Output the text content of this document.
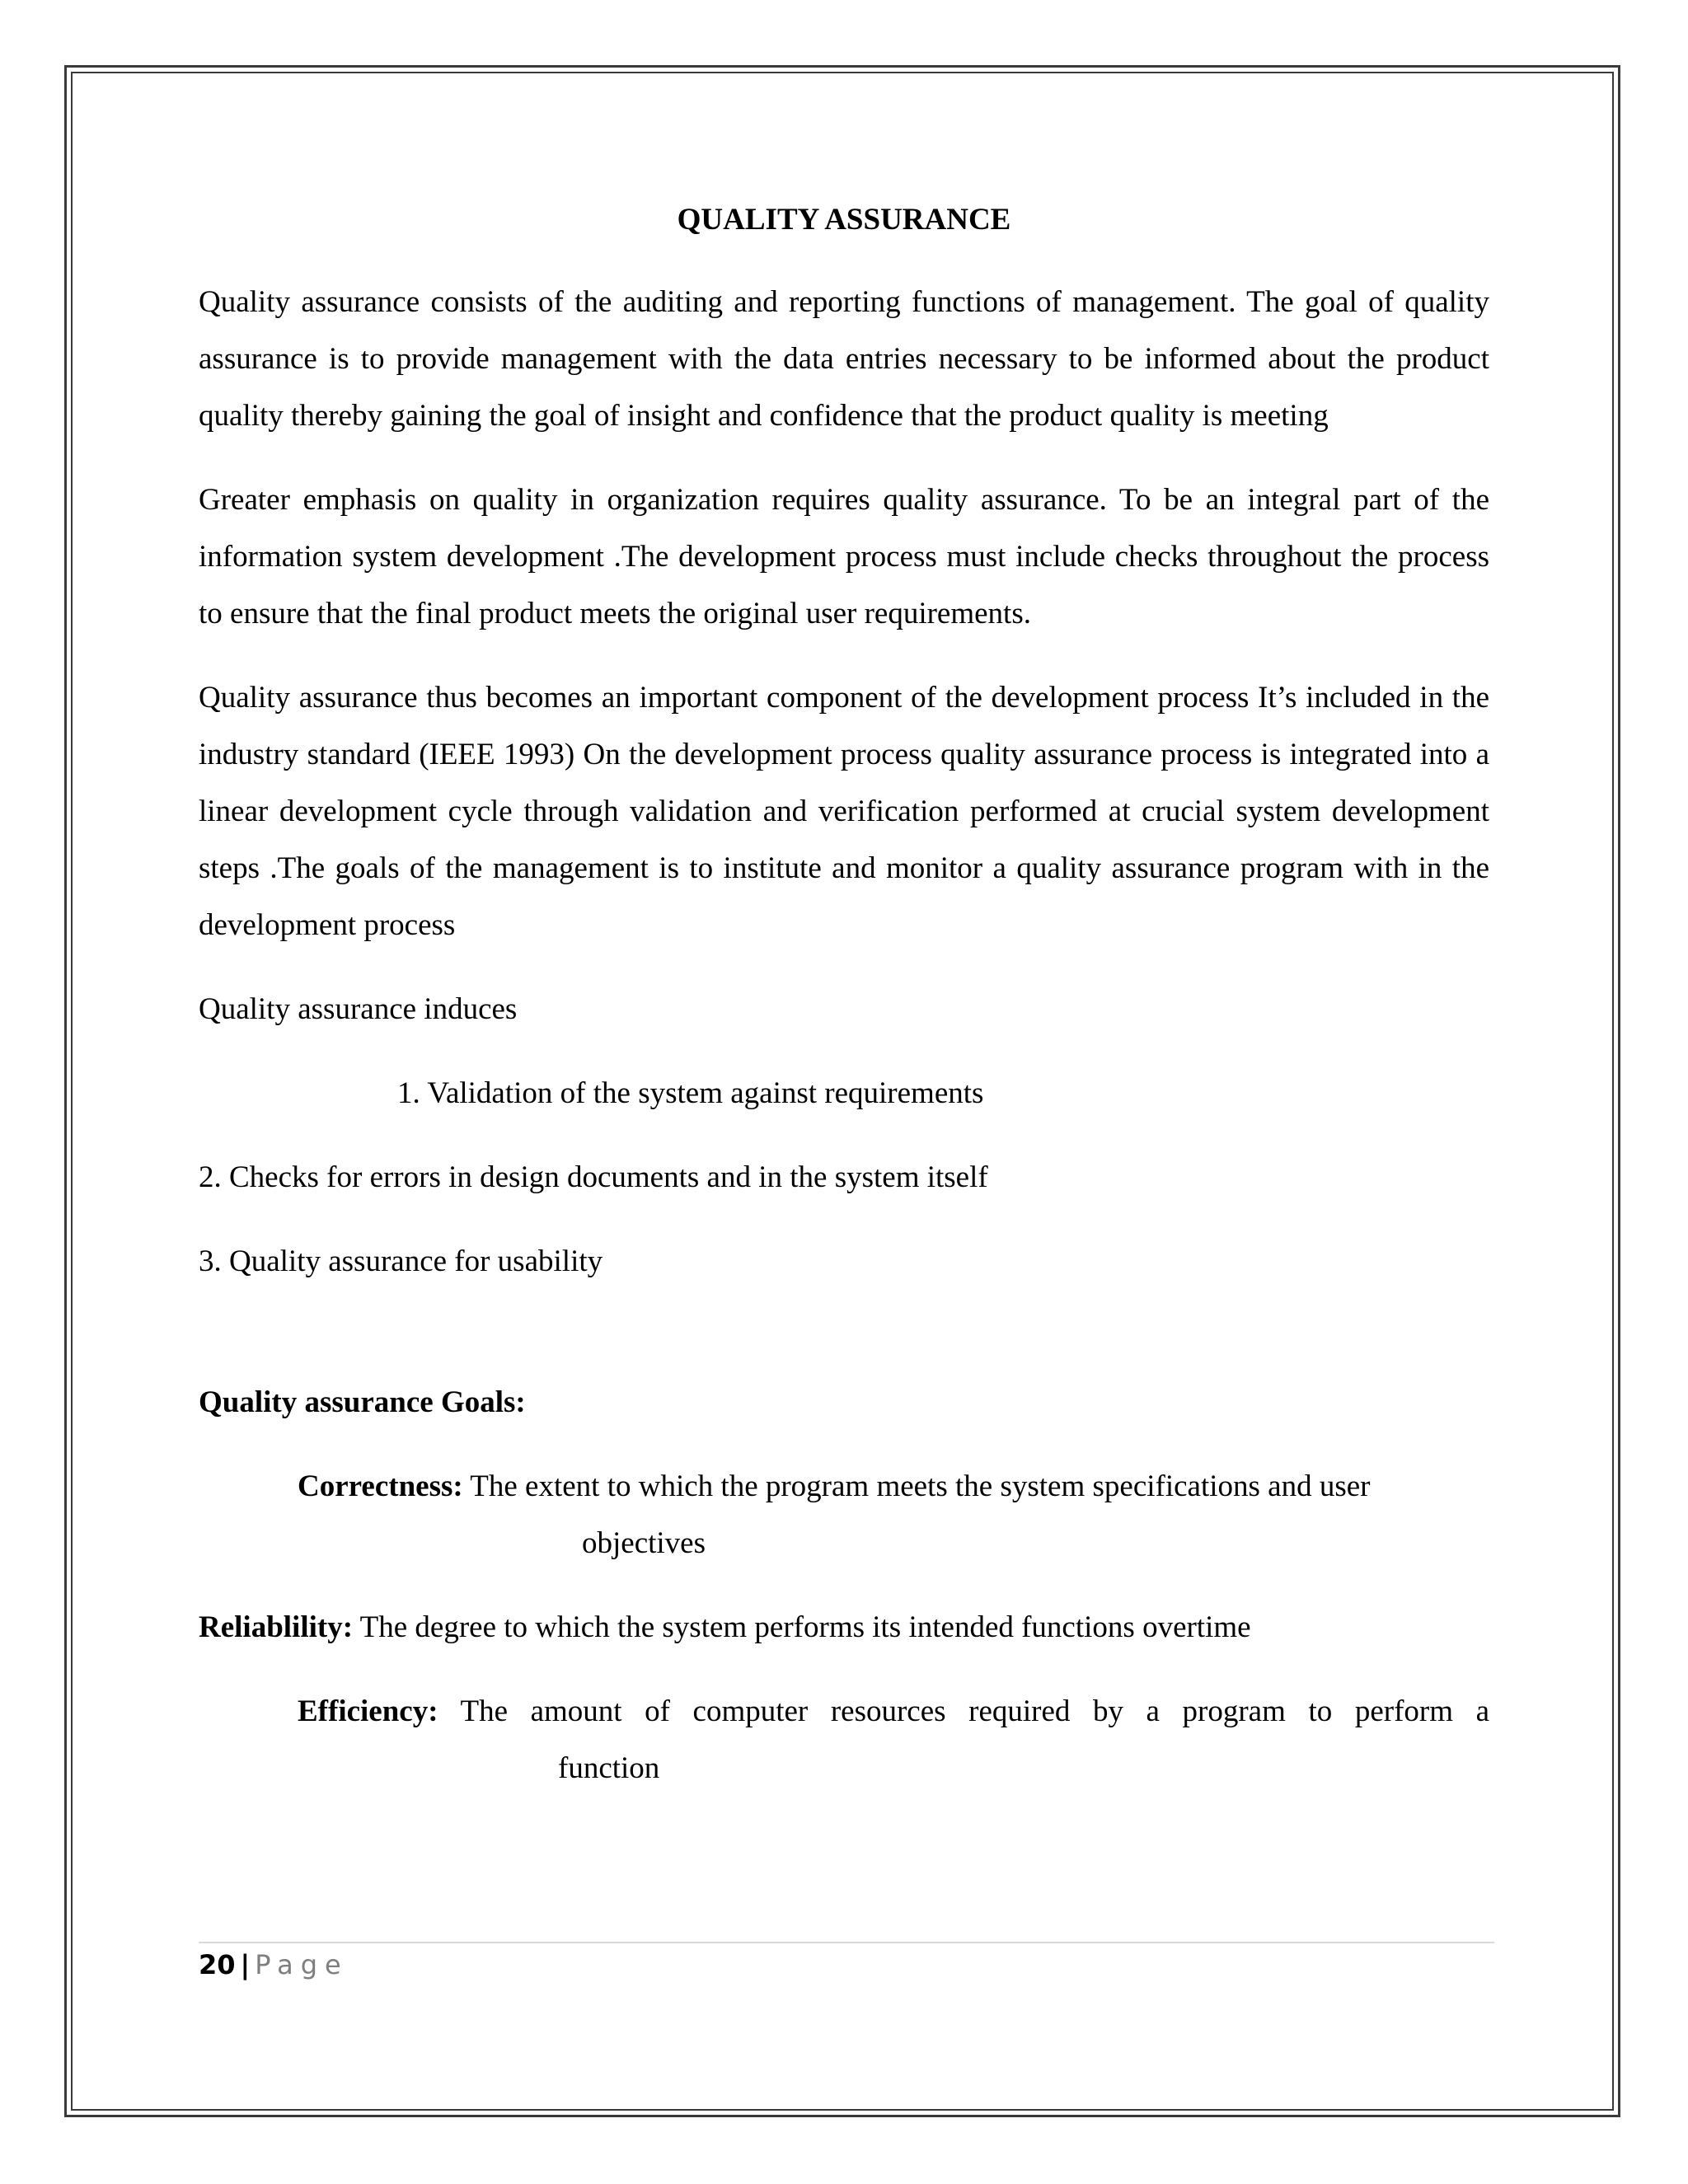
QUALITY ASSURANCE
Quality assurance consists of the auditing and reporting functions of management. The goal of quality assurance is to provide management with the data entries necessary to be informed about the product quality thereby gaining the goal of insight and confidence that the product quality is meeting
Greater emphasis on quality in organization requires quality assurance. To be an integral part of the information system development .The development process must include checks throughout the process to ensure that the final product meets the original user requirements.
Quality assurance thus becomes an important component of the development process It’s included in the industry standard (IEEE 1993) On the development process quality assurance process is integrated into a linear development cycle through validation and verification performed at crucial system development steps .The goals of the management is to institute and monitor a quality assurance program with in the development process
Quality assurance induces
1. Validation of the system against requirements
2. Checks for errors in design documents and in the system itself
3. Quality assurance for usability
Quality assurance Goals:
Correctness: The extent to which the program meets the system specifications and user
objectives
Reliablility: The degree to which the system performs its intended functions overtime
Efficiency: The amount of computer resources required by a program to perform a
function
20 | Page
